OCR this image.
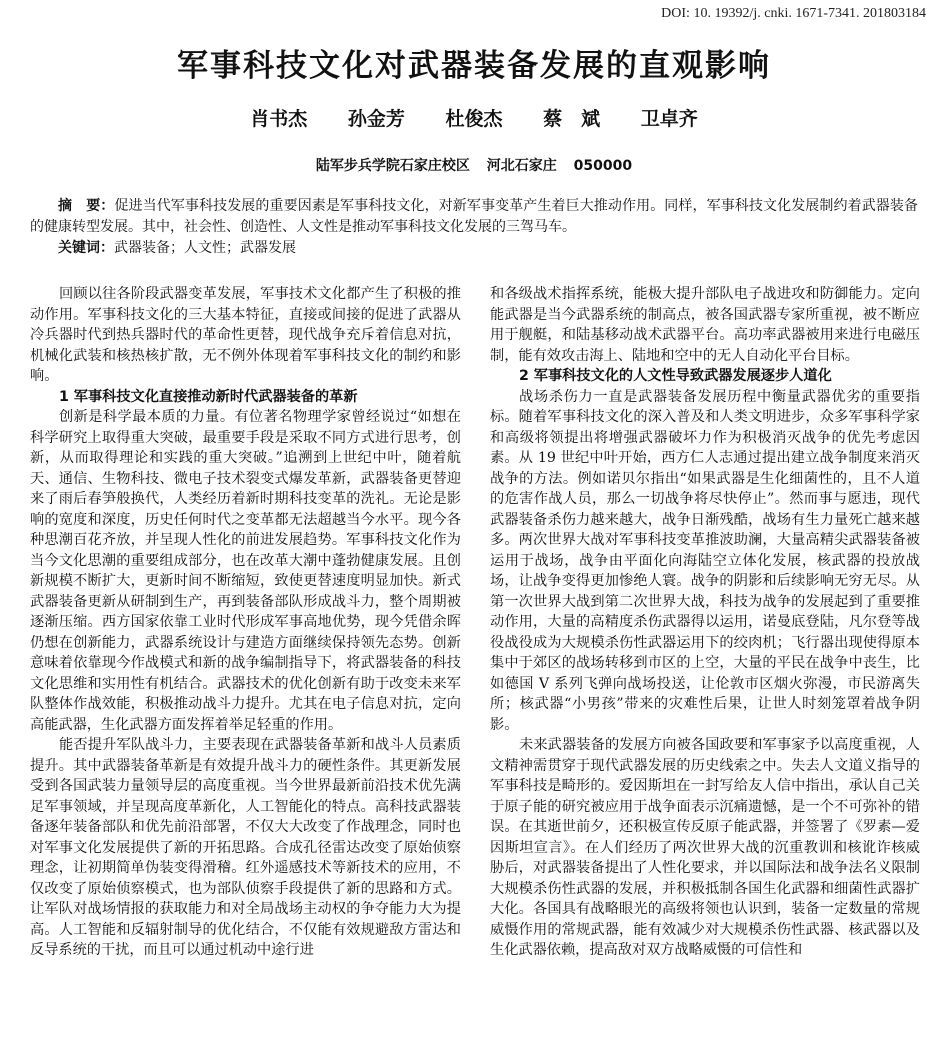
DOI: 10. 19392/j. cnki. 1671-7341. 201803184
军事科技文化对武器装备发展的直观影响
肖书杰 孙金芳 杜俊杰 蔡　斌 卫卓齐
陆军步兵学院石家庄校区 河北石家庄 050000

摘　要：促进当代军事科技发展的重要因素是军事科技文化，对新军事变革产生着巨大推动作用。同样，军事科技文化发展制约着武器装备的健康转型发展。其中，社会性、创造性、人文性是推动军事科技文化发展的三驾马车。

关键词：武器装备；人文性；武器发展

回顾以往各阶段武器变革发展，军事技术文化都产生了积极的推动作用。军事科技文化的三大基本特征，直接或间接的促进了武器从冷兵器时代到热兵器时代的革命性更替，现代战争充斥着信息对抗，机械化武装和核热核扩散，无不例外体现着军事科技文化的制约和影响。

1 军事科技文化直接推动新时代武器装备的革新

创新是科学最本质的力量。有位著名物理学家曾经说过“如想在科学研究上取得重大突破，最重要手段是采取不同方式进行思考，创新，从而取得理论和实践的重大突破。”追溯到上世纪中叶，随着航天、通信、生物科技、微电子技术裂变式爆发革新，武器装备更替迎来了雨后春笋般换代，人类经历着新时期科技变革的洗礼。无论是影响的宽度和深度，历史任何时代之变革都无法超越当今水平。现今各种思潮百花齐放，并呈现人性化的前进发展趋势。军事科技文化作为当今文化思潮的重要组成部分，也在改革大潮中蓬勃健康发展。且创新规模不断扩大，更新时间不断缩短，致使更替速度明显加快。新式武器装备更新从研制到生产，再到装备部队形成战斗力，整个周期被逐渐压缩。西方国家依靠工业时代形成军事高地优势，现今凭借余晖仍想在创新能力，武器系统设计与建造方面继续保持领先态势。创新意味着依靠现今作战模式和新的战争编制指导下，将武器装备的科技文化思维和实用性有机结合。武器技术的优化创新有助于改变未来军队整体作战效能，积极推动战斗力提升。尤其在电子信息对抗，定向高能武器，生化武器方面发挥着举足轻重的作用。

能否提升军队战斗力，主要表现在武器装备革新和战斗人员素质提升。其中武器装备革新是有效提升战斗力的硬性条件。其更新发展受到各国武装力量领导层的高度重视。当今世界最新前沿技术优先满足军事领域，并呈现高度革新化，人工智能化的特点。高科技武器装备逐年装备部队和优先前沿部署，不仅大大改变了作战理念，同时也对军事文化发展提供了新的开拓思路。合成孔径雷达改变了原始侦察理念，让初期简单伪装变得滑稽。红外遥感技术等新技术的应用，不仅改变了原始侦察模式，也为部队侦察手段提供了新的思路和方式。让军队对战场情报的获取能力和对全局战场主动权的争夺能力大为提高。人工智能和反辐射制导的优化结合，不仅能有效规避敌方雷达和反导系统的干扰，而且可以通过机动中途行进

和各级战术指挥系统，能极大提升部队电子战进攻和防御能力。定向能武器是当今武器系统的制高点，被各国武器专家所重视，被不断应用于舰艇，和陆基移动战术武器平台。高功率武器被用来进行电磁压制，能有效攻击海上、陆地和空中的无人自动化平台目标。

2 军事科技文化的人文性导致武器发展逐步人道化

战场杀伤力一直是武器装备发展历程中衡量武器优劣的重要指标。随着军事科技文化的深入普及和人类文明进步，众多军事科学家和高级将领提出将增强武器破坏力作为积极消灭战争的优先考虑因素。从 19 世纪中叶开始，西方仁人志通过提出建立战争制度来消灭战争的方法。例如诺贝尔指出“如果武器是生化细菌性的，且不人道的危害作战人员，那么一切战争将尽快停止”。然而事与愿违，现代武器装备杀伤力越来越大，战争日渐残酷，战场有生力量死亡越来越多。两次世界大战对军事科技变革推波助澜，大量高精尖武器装备被运用于战场，战争由平面化向海陆空立体化发展，核武器的投放战场，让战争变得更加惨绝人寰。战争的阴影和后续影响无穷无尽。从第一次世界大战到第二次世界大战，科技为战争的发展起到了重要推动作用，大量的高精度杀伤武器得以运用，诺曼底登陆，凡尔登等战役战役成为大规模杀伤性武器运用下的绞肉机；飞行器出现使得原本集中于郊区的战场转移到市区的上空，大量的平民在战争中丧生，比如德国 V 系列飞弹向战场投送，让伦敦市区烟火弥漫，市民游离失所；核武器“小男孩”带来的灾难性后果，让世人时刻笼罩着战争阴影。

未来武器装备的发展方向被各国政要和军事家予以高度重视，人文精神需贯穿于现代武器发展的历史线索之中。失去人文道义指导的军事科技是畸形的。爱因斯坦在一封写给友人信中指出，承认自己关于原子能的研究被应用于战争面表示沉痛遗憾，是一个不可弥补的错误。在其逝世前夕，还积极宣传反原子能武器，并签署了《罗素—爱因斯坦宣言》。在人们经历了两次世界大战的沉重教训和核讹诈核威胁后，对武器装备提出了人性化要求，并以国际法和战争法名义限制大规模杀伤性武器的发展，并积极抵制各国生化武器和细菌性武器扩大化。各国具有战略眼光的高级将领也认识到，装备一定数量的常规威慑作用的常规武器，能有效减少对大规模杀伤性武器、核武器以及生化武器依赖，提高敌对双方战略威慑的可信性和
